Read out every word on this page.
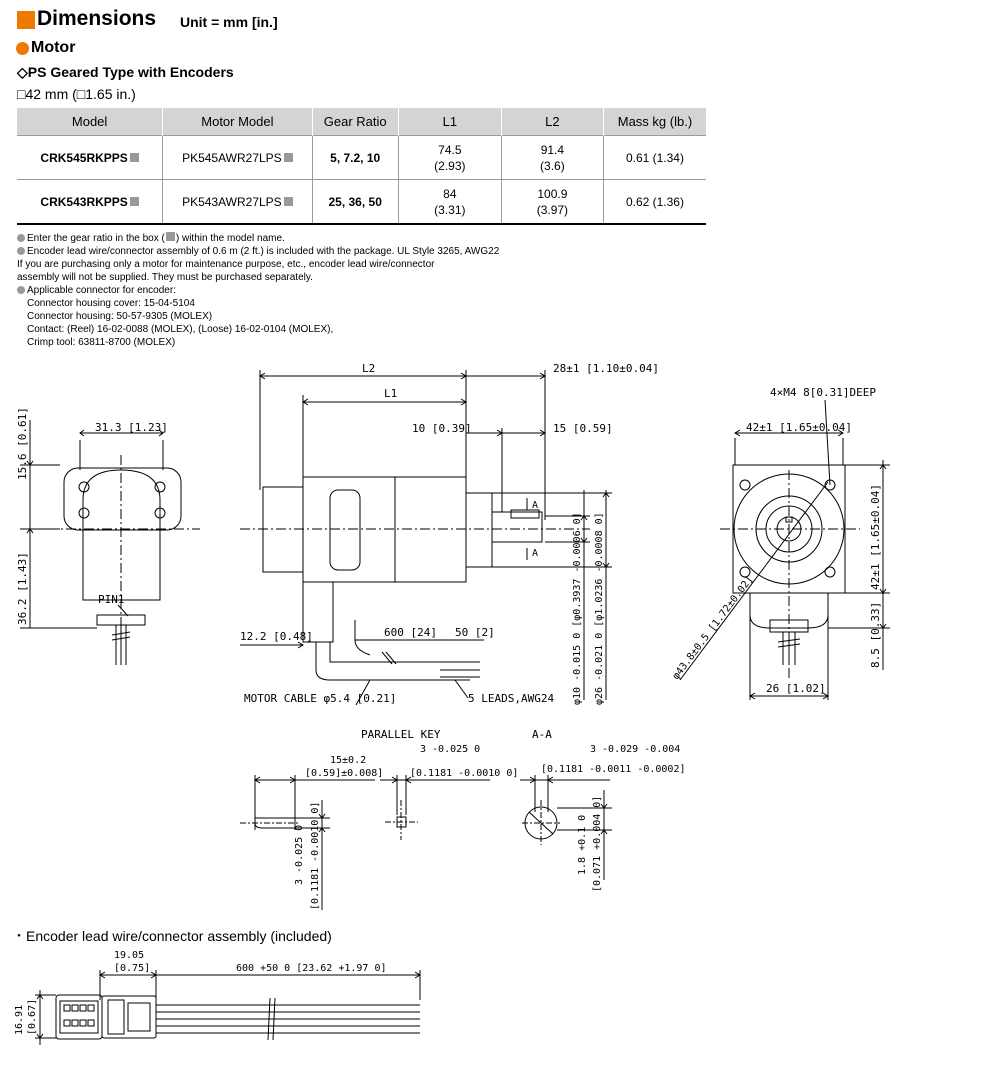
Dimensions Unit = mm [in.]
Motor
◇PS Geared Type with Encoders
□42 mm (□1.65 in.)
Model	Motor Model	Gear Ratio	L1	L2	Mass kg (lb.)
CRK545RKPPS	PK545AWR27LPS	5, 7.2, 10	74.5
(2.93)	91.4
(3.6)	0.61 (1.34)
CRK543RKPPS	PK543AWR27LPS	25, 36, 50	84
(3.31)	100.9
(3.97)	0.62 (1.36)
Enter the gear ratio in the box ( ) within the model name.
Encoder lead wire/connector assembly of 0.6 m (2 ft.) is included with the package. UL Style 3265, AWG22
If you are purchasing only a motor for maintenance purpose, etc., encoder lead wire/connector
assembly will not be supplied. They must be purchased separately.
Applicable connector for encoder:
Connector housing cover: 15-04-5104
Connector housing: 50-57-9305 (MOLEX)
Contact: (Reel) 16-02-0088 (MOLEX), (Loose) 16-02-0104 (MOLEX),
Crimp tool: 63811-8700 (MOLEX)
31.3 [1.23]
15.6 [0.61]
36.2 [1.43]	PIN1
L2
L1
28±1 [1.10±0.04]
10 [0.39]	15 [0.59]
A
A
12.2 [0.48]	600 [24] 50 [2]
MOTOR CABLE φ5.4 [0.21]	5 LEADS,AWG24 φ10 -0.015 0 [φ0.3937 -0.0006 0] φ26 -0.021 0 [φ1.0236 -0.0008 0]
4×M4 8[0.31]DEEP
42±1 [1.65±0.04]
42±1 [1.65±0.04]
8.5 [0.33]
φ43.8±0.5 [1.72±0.02]
26 [1.02]
PARALLEL KEY
15±0.2
[0.59]±0.008]
3 -0.025 0 [0.1181 -0.0010 0]
3 -0.025 0
[0.1181 -0.0010 0]
A-A
3 -0.029 -0.004
[0.1181 -0.0011 -0.0002]
1.8 +0.1 0 [0.071 +0.004 0]
・Encoder lead wire/connector assembly (included)
19.05
[0.75]	600 +50 0 [23.62 +1.97 0]
16.91 [0.67]
